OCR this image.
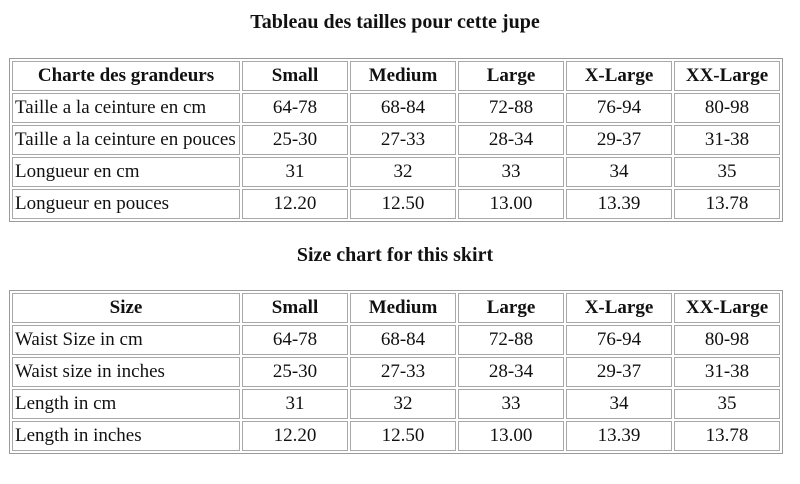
Tableau des tailles pour cette jupe
Charte des grandeurs	Small	Medium	Large	X-Large	XX-Large
Taille a la ceinture en cm	64-78	68-84	72-88	76-94	80-98
Taille a la ceinture en pouces	25-30	27-33	28-34	29-37	31-38
Longueur en cm	31	32	33	34	35
Longueur en pouces	12.20	12.50	13.00	13.39	13.78
Size chart for this skirt
Size	Small	Medium	Large	X-Large	XX-Large
Waist Size in cm	64-78	68-84	72-88	76-94	80-98
Waist size in inches	25-30	27-33	28-34	29-37	31-38
Length in cm	31	32	33	34	35
Length in inches	12.20	12.50	13.00	13.39	13.78
